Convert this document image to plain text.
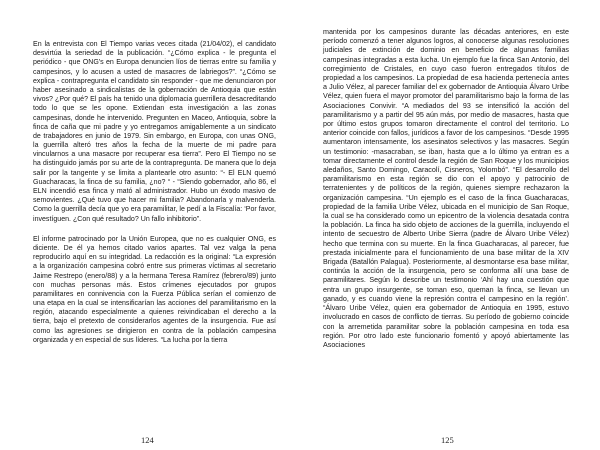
En la entrevista con El Tiempo varias veces citada (21/04/02), el candidato desvirtúa la seriedad de la publicación. “¿Cómo explica - le pregunta el periódico - que ONG's en Europa denuncien líos de tierras entre su familia y campesinos, y lo acusen a usted de masacres de labriegos?”. “¿Cómo se explica - contrapregunta el candidato sin responder - que me denunciaron por haber asesinado a sindicalistas de la gobernación de Antioquia que están vivos? ¿Por qué? El país ha tenido una diplomacia guerrillera desacreditando todo lo que se les opone. Extiendan esta investigación a las zonas campesinas, donde he intervenido. Pregunten en Maceo, Antioquia, sobre la finca de caña que mi padre y yo entregamos amigablemente a un sindicato de trabajadores en junio de 1979. Sin embargo, en Europa, con unas ONG, la guerrilla alteró tres años la fecha de la muerte de mi padre para vincularnos a una masacre por recuperar esa tierra”. Pero El Tiempo no se ha distinguido jamás por su arte de la contrapregunta. De manera que lo deja salir por la tangente y se limita a plantearle otro asunto: “- El ELN quemó Guacharacas, la finca de su familia, ¿no? “ - “Siendo gobernador, año 86, el ELN incendió esa finca y mató al administrador. Hubo un éxodo masivo de semovientes. ¿Qué tuvo que hacer mi familia? Abandonarla y malvenderla. Como la guerrilla decía que yo era paramilitar, le pedí a la Fiscalía: ‘Por favor, investíguen. ¿Con qué resultado? Un fallo inhibitorio”.

El informe patrocinado por la Unión Europea, que no es cualquier ONG, es diciente. De él ya hemos citado varios apartes. Tal vez valga la pena reproducirlo aquí en su integridad. La redacción es la original: “La expresión a la organización campesina cobró entre sus primeras víctimas al secretario Jaime Restrepo (enero/88) y a la hermana Teresa Ramírez (febrero/89) junto con muchas personas más. Estos crímenes ejecutados por grupos paramilitares en connivencia con la Fuerza Pública serían el comienzo de una etapa en la cual se intensificarían las acciones del paramilitarismo en la región, atacando especialmente a quienes reivindicaban el derecho a la tierra, bajo el pretexto de considerarlos agentes de la insurgencia. Fue así como las agresiones se dirigieron en contra de la población campesina organizada y en especial de sus líderes. “La lucha por la tierra

124

mantenida por los campesinos durante las décadas anteriores, en este período comenzó a tener algunos logros, al conocerse algunas resoluciones judiciales de extinción de dominio en beneficio de algunas familias campesinas integradas a esta lucha. Un ejemplo fue la finca San Antonio, del corregimiento de Cristales, en cuyo caso fueron entregados títulos de propiedad a los campesinos. La propiedad de esa hacienda pertenecía antes a Julio Vélez, al parecer familiar del ex gobernador de Antioquia Álvaro Uribe Vélez, quien fuera el mayor promotor del paramilitarismo bajo la forma de las Asociaciones Convivir. “A mediados del 93 se intensificó la acción del paramilitarismo y a partir del 95 aún más, por medio de masacres, hasta que por último estos grupos tomaron directamente el control del territorio. Lo anterior coincide con fallos, jurídicos a favor de los campesinos. “Desde 1995 aumentaron intensamente, los asesinatos selectivos y las masacres. Según un testimonio: -masacraban, se iban, hasta que a lo último ya entran es a tomar directamente el control desde la región de San Roque y los municipios aledaños, Santo Domingo, Caracolí, Cisneros, Yolombó”. “El desarrollo del paramilitarismo en esta región se dio con el apoyo y patrocinio de terratenientes y de políticos de la región, quienes siempre rechazaron la organización campesina. “Un ejemplo es el caso de la finca Guacharacas, propiedad de la familia Uribe Vélez, ubicada en el municipio de San Roque, la cual se ha considerado como un epicentro de la violencia desatada contra la población. La finca ha sido objeto de acciones de la guerrilla, incluyendo el intento de secuestro de Alberto Uribe Sierra (padre de Álvaro Uribe Vélez) hecho que termina con su muerte. En la finca Guacharacas, al parecer, fue prestada inicialmente para el funcionamiento de una base militar de la XIV Brigada (Batallón Palagua). Posteriormente, al desmontarse esa base militar, continúa la acción de la insurgencia, pero se conforma allí una base de paramilitares. Según lo describe un testimonio ‘Ahí hay una cuestión que entra un grupo insurgente, se toman eso, queman la finca, se llevan un ganado, y es cuando viene la represión contra el campesino en la región’. “Álvaro Uribe Vélez, quien era gobernador de Antioquia en 1995, estuvo involucrado en casos de conflicto de tierras. Su período de gobierno coincide con la arremetida paramilitar sobre la población campesina en toda esa región. Por otro lado este funcionario fomentó y apoyó abiertamente las Asociaciones

125
